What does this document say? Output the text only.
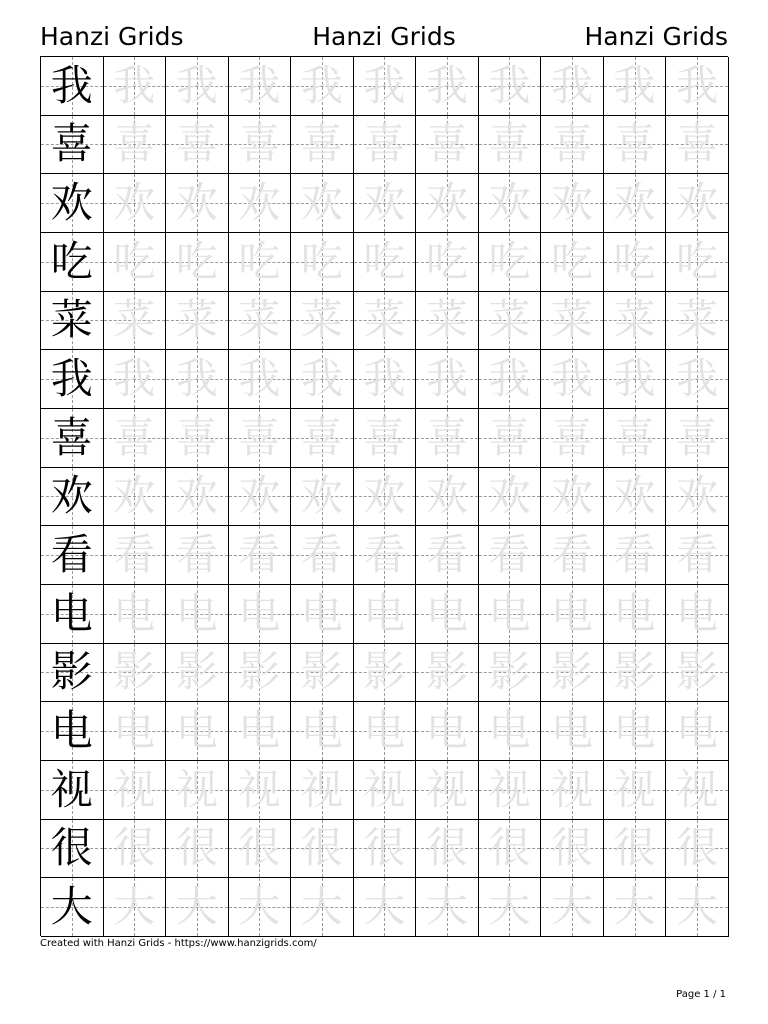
Hanzi Grids	Hanzi Grids	Hanzi Grids
我 我 我 我 我 我 我 我 我 我 我
喜 喜 喜 喜 喜 喜 喜 喜 喜 喜 喜
欢 欢 欢 欢 欢 欢 欢 欢 欢 欢 欢
吃 吃 吃 吃 吃 吃 吃 吃 吃 吃 吃
菜 菜 菜 菜 菜 菜 菜 菜 菜 菜 菜
我 我 我 我 我 我 我 我 我 我 我
喜 喜 喜 喜 喜 喜 喜 喜 喜 喜 喜
欢 欢 欢 欢 欢 欢 欢 欢 欢 欢 欢
看 看 看 看 看 看 看 看 看 看 看
电 电 电 电 电 电 电 电 电 电 电
影 影 影 影 影 影 影 影 影 影 影
电 电 电 电 电 电 电 电 电 电 电
视 视 视 视 视 视 视 视 视 视 视
很 很 很 很 很 很 很 很 很 很 很
大 大 大 大 大 大 大 大 大 大 大
Created with Hanzi Grids - https://www.hanzigrids.com/
Page 1 / 1
